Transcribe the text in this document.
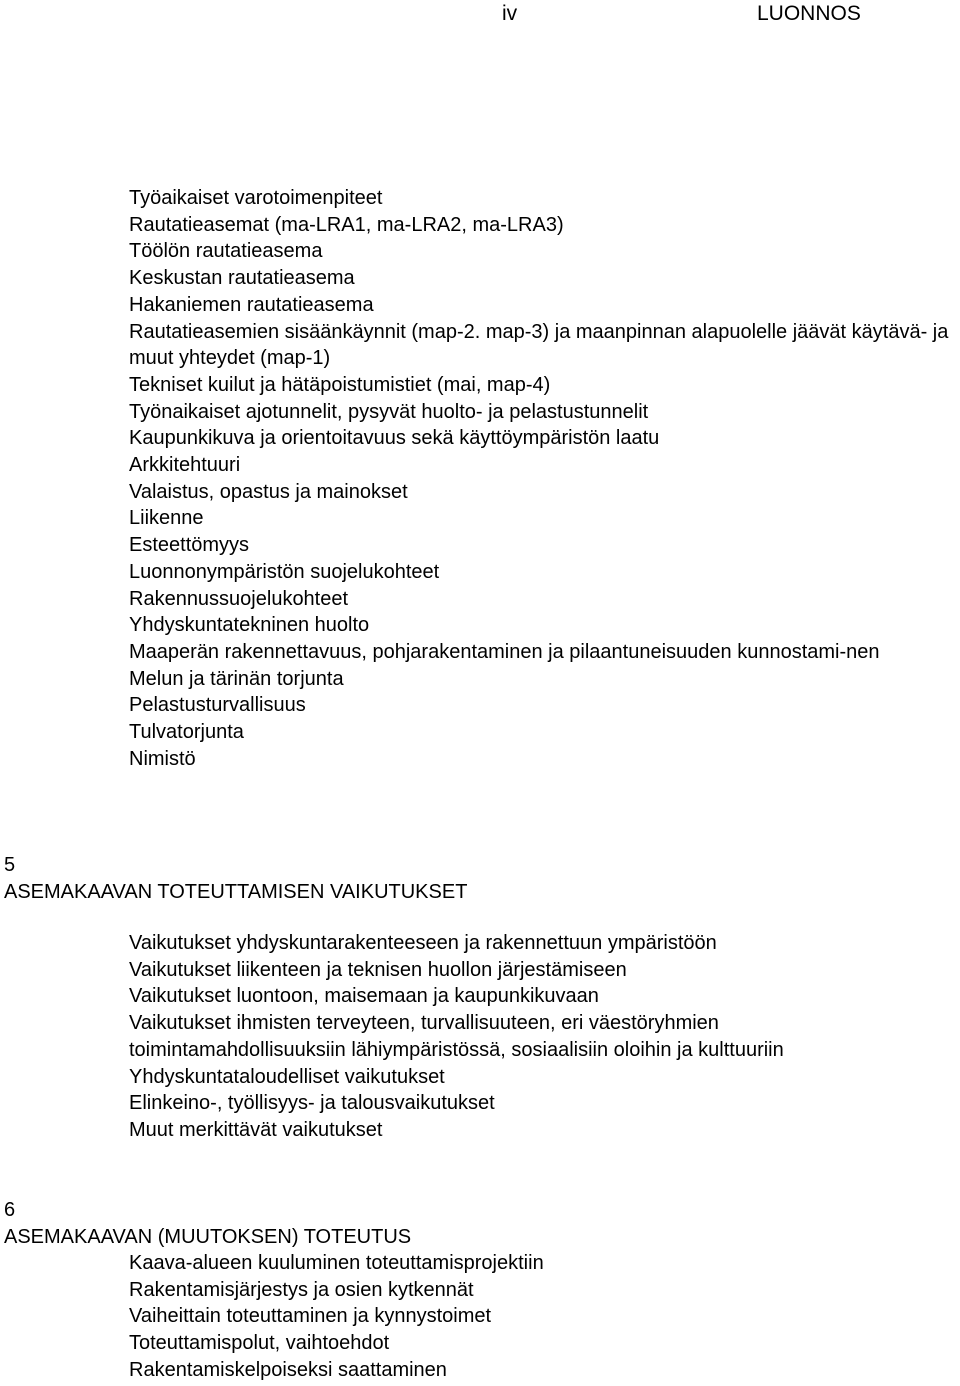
iv	LUONNOS
Työaikaiset varotoimenpiteet
Rautatieasemat (ma-LRA1, ma-LRA2, ma-LRA3)
Töölön rautatieasema
Keskustan rautatieasema
Hakaniemen rautatieasema
Rautatieasemien sisäänkäynnit (map-2. map-3) ja maanpinnan alapuolelle jäävät käytävä- ja muut yhteydet (map-1)
Tekniset kuilut ja hätäpoistumistiet (mai, map-4)
Työnaikaiset ajotunnelit, pysyvät huolto- ja pelastustunnelit
Kaupunkikuva ja orientoitavuus sekä käyttöympäristön laatu
Arkkitehtuuri
Valaistus, opastus ja mainokset
Liikenne
Esteettömyys
Luonnonympäristön suojelukohteet
Rakennussuojelukohteet
Yhdyskuntatekninen huolto
Maaperän rakennettavuus, pohjarakentaminen ja pilaantuneisuuden kunnostami-nen
Melun ja tärinän torjunta
Pelastusturvallisuus
Tulvatorjunta
Nimistö
5
ASEMAKAAVAN TOTEUTTAMISEN VAIKUTUKSET
Vaikutukset yhdyskuntarakenteeseen ja rakennettuun ympäristöön
Vaikutukset liikenteen ja teknisen huollon järjestämiseen
Vaikutukset luontoon, maisemaan ja kaupunkikuvaan
Vaikutukset ihmisten terveyteen, turvallisuuteen, eri väestöryhmien toimintamahdollisuuksiin lähiympäristössä, sosiaalisiin oloihin ja kulttuuriin
Yhdyskuntataloudelliset vaikutukset
Elinkeino-, työllisyys- ja talousvaikutukset
Muut merkittävät vaikutukset
6
ASEMAKAAVAN (MUUTOKSEN) TOTEUTUS
Kaava-alueen kuuluminen toteuttamisprojektiin
Rakentamisjärjestys ja osien kytkennät
Vaiheittain toteuttaminen ja kynnystoimet
Toteuttamispolut, vaihtoehdot
Rakentamiskelpoiseksi saattaminen
